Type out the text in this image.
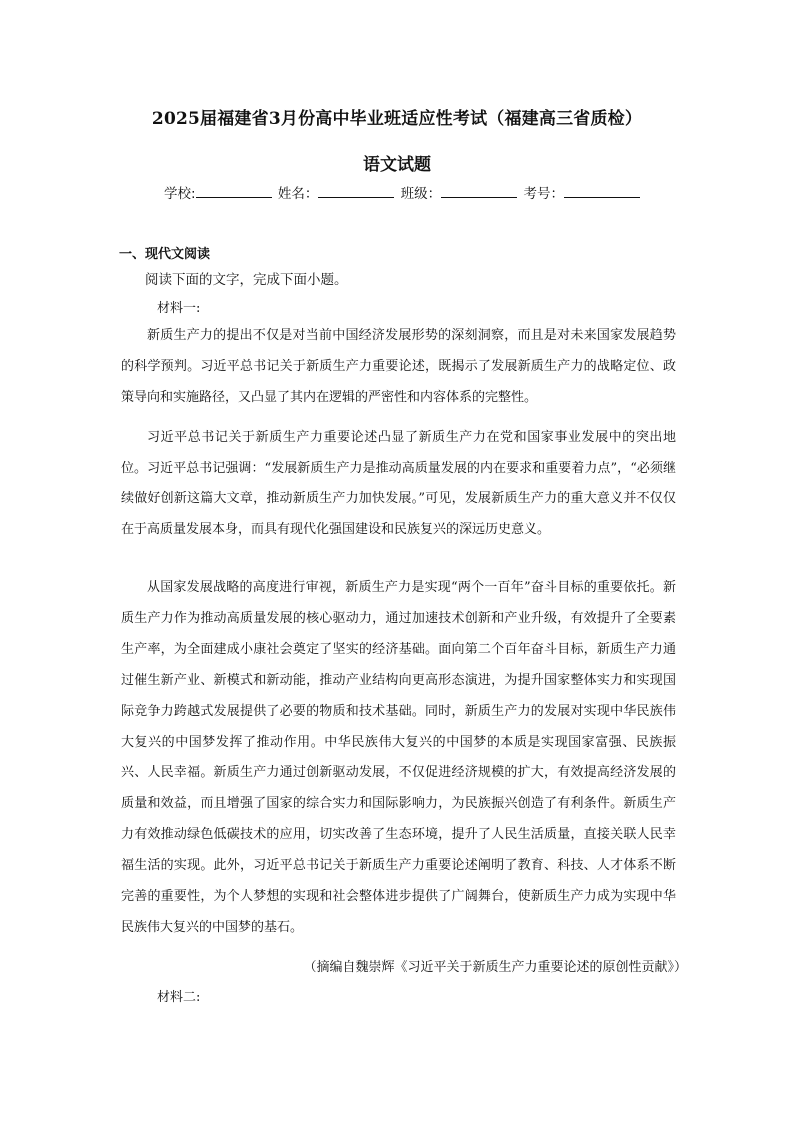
2025届福建省3月份高中毕业班适应性考试（福建高三省质检）
语文试题
学校:	姓名：	班级：	考号：
一、现代文阅读
阅读下面的文字，完成下面小题。
材料一:
新质生产力的提出不仅是对当前中国经济发展形势的深刻洞察，而且是对未来国家发展趋势的科学预判。习近平总书记关于新质生产力重要论述，既揭示了发展新质生产力的战略定位、政策导向和实施路径，又凸显了其内在逻辑的严密性和内容体系的完整性。
习近平总书记关于新质生产力重要论述凸显了新质生产力在党和国家事业发展中的突出地位。习近平总书记强调：“发展新质生产力是推动高质量发展的内在要求和重要着力点”，“必须继续做好创新这篇大文章，推动新质生产力加快发展。”可见，发展新质生产力的重大意义并不仅仅在于高质量发展本身，而具有现代化强国建设和民族复兴的深远历史意义。
从国家发展战略的高度进行审视，新质生产力是实现“两个一百年”奋斗目标的重要依托。新质生产力作为推动高质量发展的核心驱动力，通过加速技术创新和产业升级，有效提升了全要素生产率，为全面建成小康社会奠定了坚实的经济基础。面向第二个百年奋斗目标，新质生产力通过催生新产业、新模式和新动能，推动产业结构向更高形态演进，为提升国家整体实力和实现国际竞争力跨越式发展提供了必要的物质和技术基础。同时，新质生产力的发展对实现中华民族伟大复兴的中国梦发挥了推动作用。中华民族伟大复兴的中国梦的本质是实现国家富强、民族振兴、人民幸福。新质生产力通过创新驱动发展，不仅促进经济规模的扩大，有效提高经济发展的质量和效益，而且增强了国家的综合实力和国际影响力，为民族振兴创造了有利条件。新质生产力有效推动绿色低碳技术的应用，切实改善了生态环境，提升了人民生活质量，直接关联人民幸福生活的实现。此外，习近平总书记关于新质生产力重要论述阐明了教育、科技、人才体系不断完善的重要性，为个人梦想的实现和社会整体进步提供了广阔舞台，使新质生产力成为实现中华民族伟大复兴的中国梦的基石。
（摘编自魏崇辉《习近平关于新质生产力重要论述的原创性贡献》）
材料二:
